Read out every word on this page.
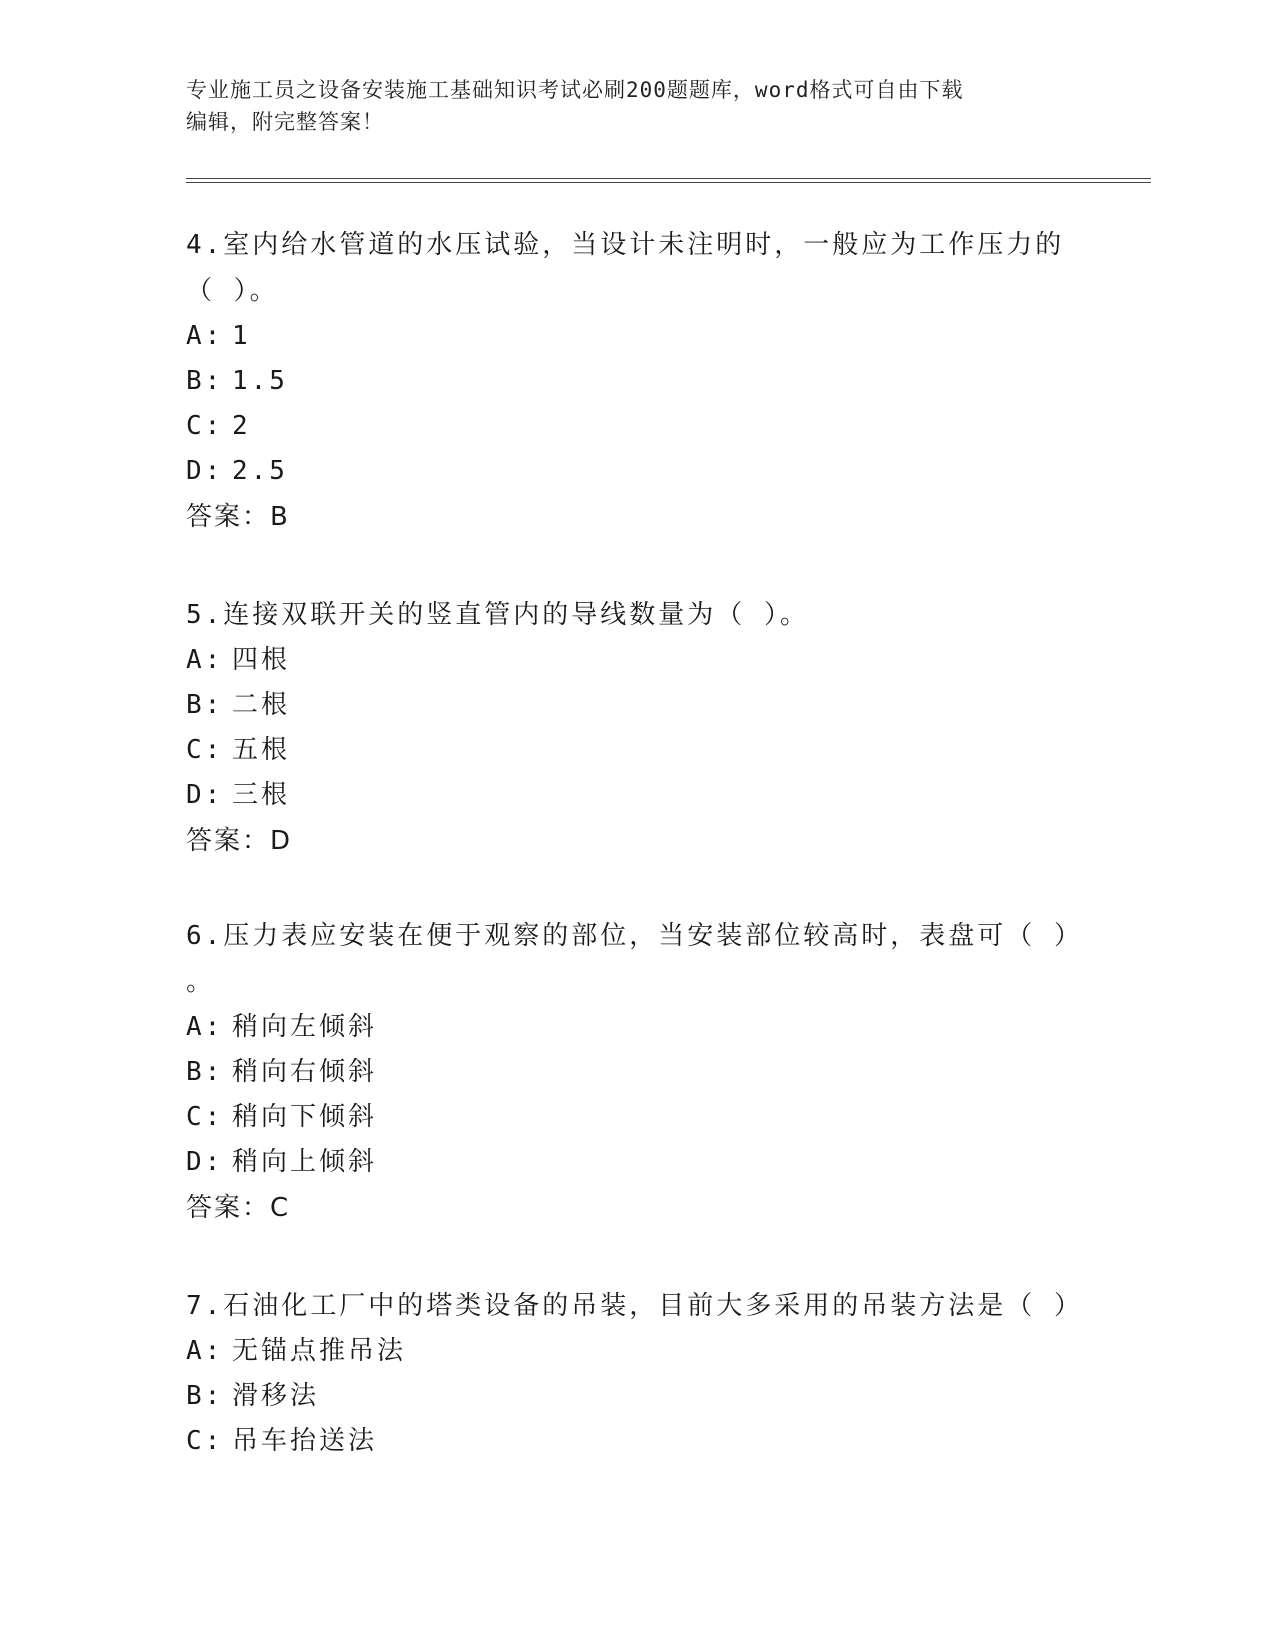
专业施工员之设备安装施工基础知识考试必刷200题题库，word格式可自由下载
编辑，附完整答案！
4.室内给水管道的水压试验，当设计未注明时，一般应为工作压力的
（ ）。
A: 1
B: 1.5
C: 2
D: 2.5
答案：B
5.连接双联开关的竖直管内的导线数量为（ ）。
A: 四根
B: 二根
C: 五根
D: 三根
答案：D
6.压力表应安装在便于观察的部位，当安装部位较高时，表盘可（ ）
。
A: 稍向左倾斜
B: 稍向右倾斜
C: 稍向下倾斜
D: 稍向上倾斜
答案：C
7.石油化工厂中的塔类设备的吊装，目前大多采用的吊装方法是（ ）
A: 无锚点推吊法
B: 滑移法
C: 吊车抬送法
